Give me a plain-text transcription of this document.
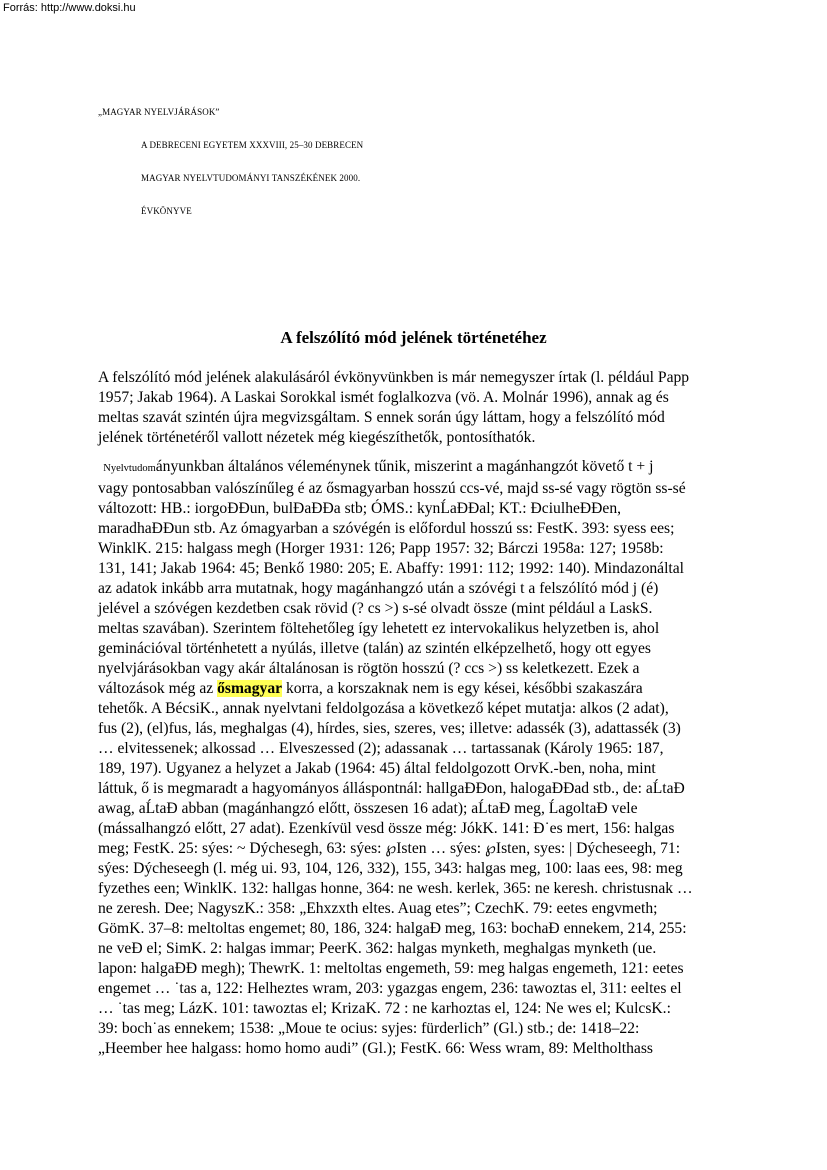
Forrás: http://www.doksi.hu
„MAGYAR NYELVJÁRÁSOK”
A DEBRECENI EGYETEM XXXVIII, 25–30 DEBRECEN
MAGYAR NYELVTUDOMÁNYI TANSZÉKÉNEK 2000.
ÉVKÖNYVE
A felszólító mód jelének történetéhez
A felszólító mód jelének alakulásáról évkönyvünkben is már nemegyszer írtak (l. például Papp
1957; Jakab 1964). A Laskai Sorokkal ismét foglalkozva (vö. A. Molnár 1996), annak ag és
meltas szavát szintén újra megvizsgáltam. S ennek során úgy láttam, hogy a felszólító mód
jelének történetéről vallott nézetek még kiegészíthetők, pontosíthatók.
Nyelvtudományunkban általános véleménynek tűnik, miszerint a magánhangzót követő t + j
vagy pontosabban valószínűleg é az ősmagyarban hosszú ccs-vé, majd ss-sé vagy rögtön ss-sé
változott: HB.: iorgoÐÐun, bulÐaÐÐa stb; ÓMS.: kynĹaÐÐal; KT.: ÐciulheÐÐen,
maradhaÐÐun stb. Az ómagyarban a szóvégén is előfordul hosszú ss: FestK. 393: syess ees;
WinklK. 215: halgass megh (Horger 1931: 126; Papp 1957: 32; Bárczi 1958a: 127; 1958b:
131, 141; Jakab 1964: 45; Benkő 1980: 205; E. Abaffy: 1991: 112; 1992: 140). Mindazonáltal
az adatok inkább arra mutatnak, hogy magánhangzó után a szóvégi t a felszólító mód j (é)
jelével a szóvégen kezdetben csak rövid (? cs >) s-sé olvadt össze (mint például a LaskS.
meltas szavában). Szerintem föltehetőleg így lehetett ez intervokalikus helyzetben is, ahol
geminációval történhetett a nyúlás, illetve (talán) az szintén elképzelhető, hogy ott egyes
nyelvjárásokban vagy akár általánosan is rögtön hosszú (? ccs >) ss keletkezett. Ezek a
változások még az ősmagyar korra, a korszaknak nem is egy kései, későbbi szakaszára
tehetők. A BécsiK., annak nyelvtani feldolgozása a következő képet mutatja: alkos (2 adat),
fus (2), (el)fus, lás, meghalgas (4), hírdes, sies, szeres, ves; illetve: adassék (3), adattassék (3)
… elvitessenek; alkossad … Elveszessed (2); adassanak … tartassanak (Károly 1965: 187,
189, 197). Ugyanez a helyzet a Jakab (1964: 45) által feldolgozott OrvK.-ben, noha, mint
láttuk, ő is megmaradt a hagyományos álláspontnál: hallgaÐÐon, halogaÐÐad stb., de: aĹtaÐ
awag, aĹtaÐ abban (magánhangzó előtt, összesen 16 adat); aĹtaÐ meg, ĹagoltaÐ vele
(mássalhangzó előtt, 27 adat). Ezenkívül vesd össze még: JókK. 141: Ð˙es mert, 156: halgas
meg; FestK. 25: sýes: ~ Dýchesegh, 63: sýes: ℘Isten … sýes: ℘Isten, syes: | Dýcheseegh, 71:
sýes: Dýcheseegh (l. még ui. 93, 104, 126, 332), 155, 343: halgas meg, 100: laas ees, 98: meg
fyzethes een; WinklK. 132: hallgas honne, 364: ne wesh. kerlek, 365: ne keresh. christusnak …
ne zeresh. Dee; NagyszK.: 358: „Ehxzxth eltes. Auag etes”; CzechK. 79: eetes engvmeth;
GömK. 37–8: meltoltas engemet; 80, 186, 324: halgaÐ meg, 163: bochaÐ ennekem, 214, 255:
ne veÐ el; SimK. 2: halgas immar; PeerK. 362: halgas mynketh, meghalgas mynketh (ue.
lapon: halgaÐÐ megh); ThewrK. 1: meltoltas engemeth, 59: meg halgas engemeth, 121: eetes
engemet … ˙tas a, 122: Helheztes wram, 203: ygazgas engem, 236: tawoztas el, 311: eeltes el
… ˙tas meg; LázK. 101: tawoztas el; KrizaK. 72 : ne karhoztas el, 124: Ne wes el; KulcsK.:
39: boch˙as ennekem; 1538: „Moue te ocius: syjes: fürderlich” (Gl.) stb.; de: 1418–22:
„Heember hee halgass: homo homo audi” (Gl.); FestK. 66: Wess wram, 89: Meltholthass
